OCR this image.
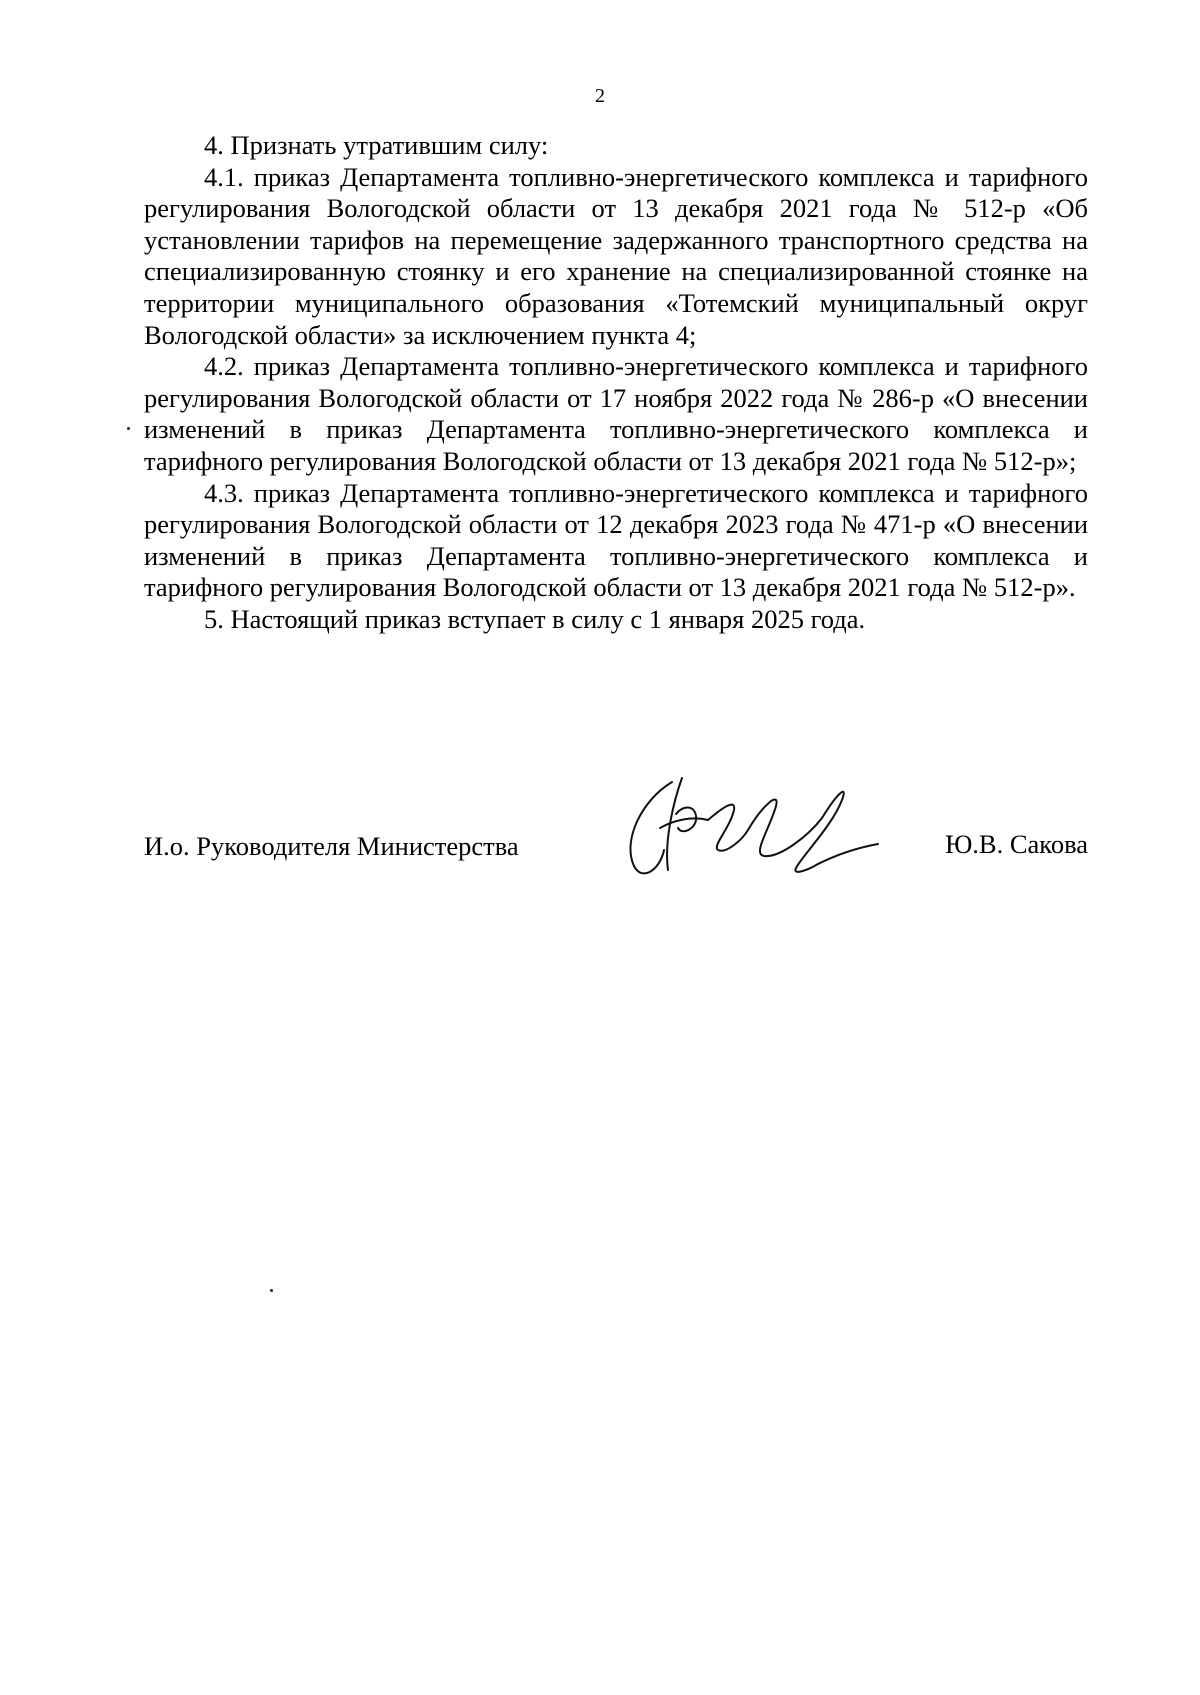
2

4. Признать утратившим силу:

4.1. приказ Департамента топливно-энергетического комплекса и тарифного регулирования Вологодской области от 13 декабря 2021 года № 512-р «Об установлении тарифов на перемещение задержанного транспортного средства на специализированную стоянку и его хранение на специализированной стоянке на территории муниципального образования «Тотемский муниципальный округ Вологодской области» за исключением пункта 4;

4.2. приказ Департамента топливно-энергетического комплекса и тарифного регулирования Вологодской области от 17 ноября 2022 года № 286-р «О внесении изменений в приказ Департамента топливно-энергетического комплекса и тарифного регулирования Вологодской области от 13 декабря 2021 года № 512-р»;

4.3. приказ Департамента топливно-энергетического комплекса и тарифного регулирования Вологодской области от 12 декабря 2023 года № 471-р «О внесении изменений в приказ Департамента топливно-энергетического комплекса и тарифного регулирования Вологодской области от 13 декабря 2021 года № 512-р».

5. Настоящий приказ вступает в силу с 1 января 2025 года.

И.о. Руководителя Министерства	Ю.В. Сакова
